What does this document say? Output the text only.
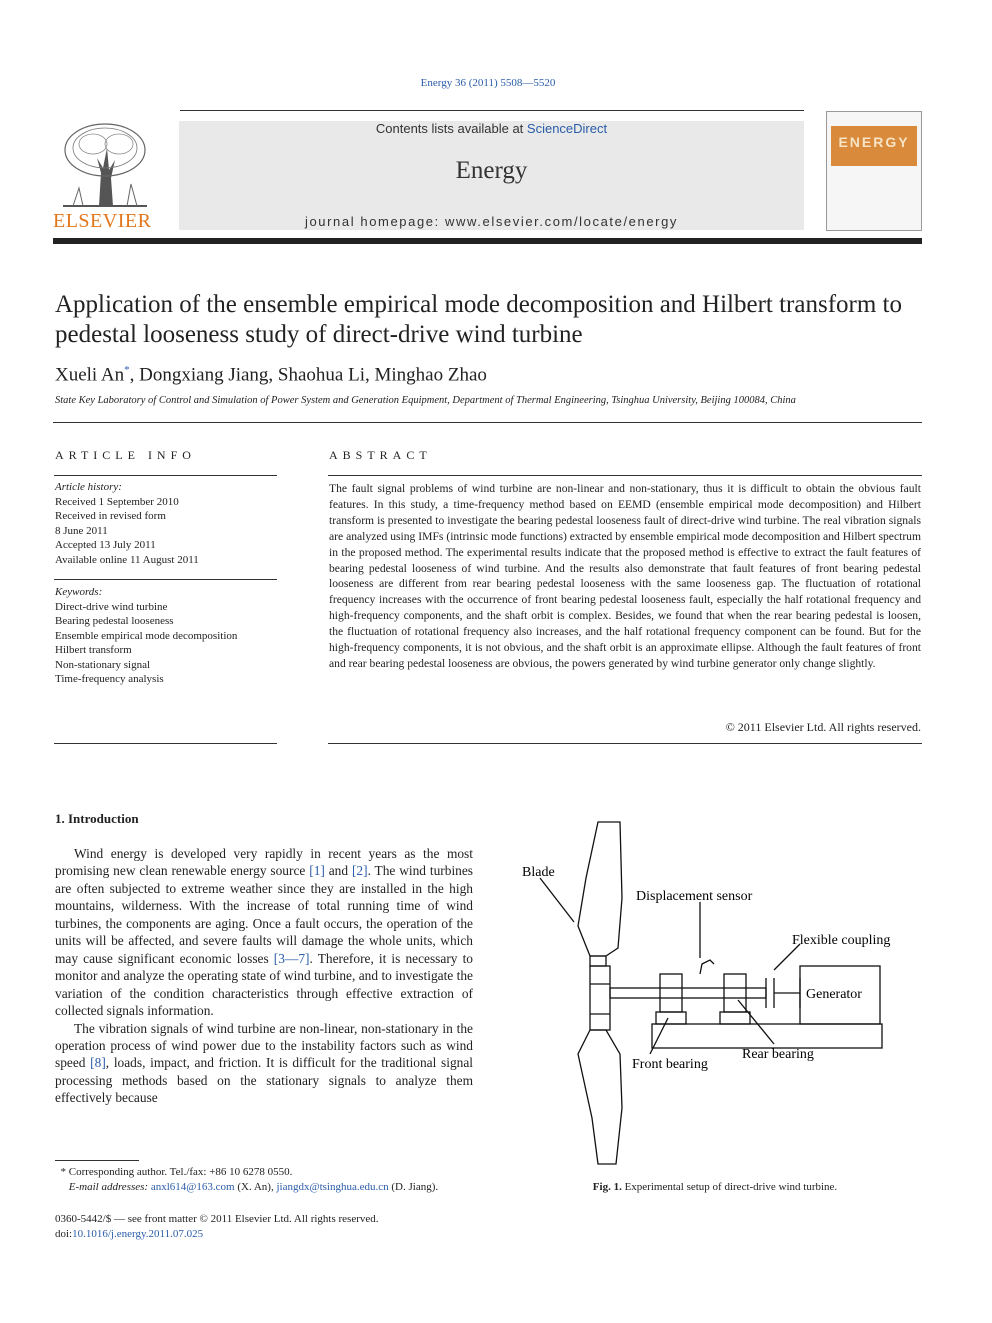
Energy 36 (2011) 5508—5520
ELSEVIER
Contents lists available at ScienceDirect
Energy
journal homepage: www.elsevier.com/locate/energy
ENERGY
Application of the ensemble empirical mode decomposition and Hilbert transform to pedestal looseness study of direct-drive wind turbine
Xueli An*, Dongxiang Jiang, Shaohua Li, Minghao Zhao
State Key Laboratory of Control and Simulation of Power System and Generation Equipment, Department of Thermal Engineering, Tsinghua University, Beijing 100084, China
ARTICLE INFO
Article history:
Received 1 September 2010
Received in revised form
8 June 2011
Accepted 13 July 2011
Available online 11 August 2011
Keywords:
Direct-drive wind turbine
Bearing pedestal looseness
Ensemble empirical mode decomposition
Hilbert transform
Non-stationary signal
Time-frequency analysis
ABSTRACT
The fault signal problems of wind turbine are non-linear and non-stationary, thus it is difficult to obtain the obvious fault features. In this study, a time-frequency method based on EEMD (ensemble empirical mode decomposition) and Hilbert transform is presented to investigate the bearing pedestal looseness fault of direct-drive wind turbine. The real vibration signals are analyzed using IMFs (intrinsic mode functions) extracted by ensemble empirical mode decomposition and Hilbert spectrum in the proposed method. The experimental results indicate that the proposed method is effective to extract the fault features of bearing pedestal looseness of wind turbine. And the results also demonstrate that fault features of front bearing pedestal looseness are different from rear bearing pedestal looseness with the same looseness gap. The fluctuation of rotational frequency increases with the occurrence of front bearing pedestal looseness fault, especially the half rotational frequency and high-frequency components, and the shaft orbit is complex. Besides, we found that when the rear bearing pedestal is loosen, the fluctuation of rotational frequency also increases, and the half rotational frequency component can be found. But for the high-frequency components, it is not obvious, and the shaft orbit is an approximate ellipse. Although the fault features of front and rear bearing pedestal looseness are obvious, the powers generated by wind turbine generator only change slightly.
© 2011 Elsevier Ltd. All rights reserved.
1. Introduction

Wind energy is developed very rapidly in recent years as the most promising new clean renewable energy source [1] and [2]. The wind turbines are often subjected to extreme weather since they are installed in the high mountains, wilderness. With the increase of total running time of wind turbines, the components are aging. Once a fault occurs, the operation of the units will be affected, and severe faults will damage the whole units, which may cause significant economic losses [3—7]. Therefore, it is necessary to monitor and analyze the operating state of wind turbine, and to investigate the variation of the condition characteristics through effective extraction of collected signals information.

The vibration signals of wind turbine are non-linear, non-stationary in the operation process of wind power due to the instability factors such as wind speed [8], loads, impact, and friction. It is difficult for the traditional signal processing methods based on the stationary signals to analyze them effectively because

* Corresponding author. Tel./fax: +86 10 6278 0550.
E-mail addresses: anxl614@163.com (X. An), jiangdx@tsinghua.edu.cn (D. Jiang).
0360-5442/$ — see front matter © 2011 Elsevier Ltd. All rights reserved.
doi:10.1016/j.energy.2011.07.025
Blade
Displacement sensor
Flexible coupling
Generator
Front bearing
Rear bearing
Fig. 1. Experimental setup of direct-drive wind turbine.
